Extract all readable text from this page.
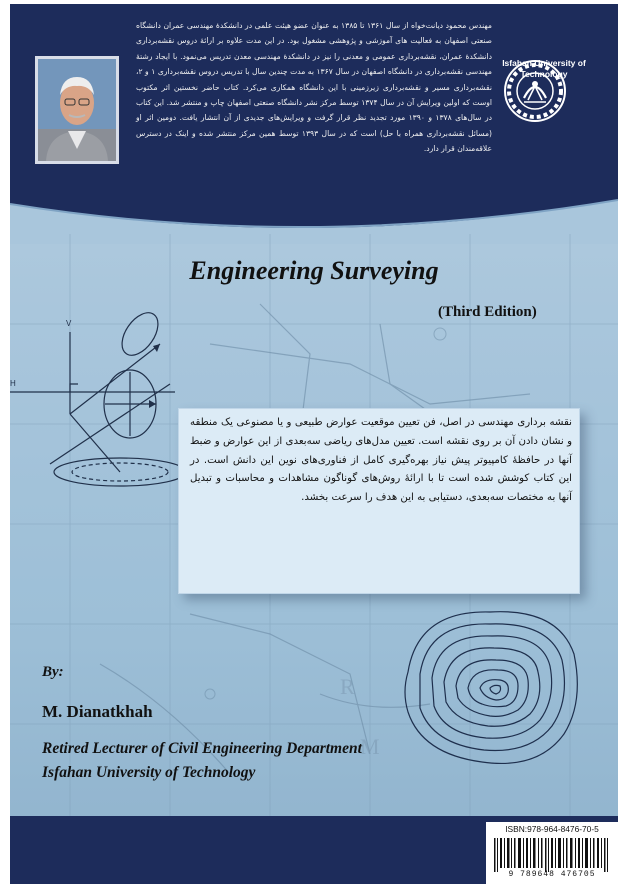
مهندس محمود دیانت‌خواه از سال ۱۳۶۱ تا ۱۳۸۵ به عنوان عضو هیئت علمی در دانشکدهٔ مهندسی عمران دانشگاه صنعتی اصفهان به فعالیت های آموزشی و پژوهشی مشغول بود. در این مدت علاوه بر ارائهٔ دروس نقشه‌برداری دانشکدهٔ عمران، نقشه‌برداری عمومی و معدنی را نیز در دانشکدهٔ مهندسی معدن تدریس می‌نمود. با ایجاد رشتهٔ مهندسی نقشه‌برداری در دانشگاه اصفهان در سال ۱۳۶۷ به مدت چندین سال با تدریس دروس نقشه‌برداری ۱ و ۲، نقشه‌برداری مسیر و نقشه‌برداری زیرزمینی با این دانشگاه همکاری می‌کرد. کتاب حاضر نخستین اثر مکتوب اوست که اولین ویرایش آن در سال ۱۳۷۴ توسط مرکز نشر دانشگاه صنعتی اصفهان چاپ و منتشر شد. این کتاب در سال‌های ۱۳۷۸ و ۱۳۹۰ مورد تجدید نظر قرار گرفت و ویرایش‌های جدیدی از آن انتشار یافت. دومین اثر او (مسائل نقشه‌برداری همراه با حل) است که در سال ۱۳۹۳ توسط همین مرکز منتشر شده و اینک در دسترس علاقه‌مندان قرار دارد.
Isfahan University of Technology
R
M
V
H
Engineering Surveying
(Third Edition)
نقشه برداری مهندسی در اصل، فن تعیین موقعیت عوارض طبیعی و یا مصنوعی یک منطقه و نشان دادن آن بر روی نقشه است. تعیین مدل‌های ریاضی سه‌بعدی از این عوارض و ضبط آنها در حافظهٔ کامپیوتر پیش نیاز بهره‌گیری کامل از فناوری‌های نوین این دانش است. در این کتاب کوشش شده است تا با ارائهٔ روش‌های گوناگون مشاهدات و محاسبات و تبدیل آنها به مختصات سه‌بعدی، دستیابی به این هدف را سرعت بخشد.
By:
M. Dianatkhah
Retired Lecturer of Civil Engineering Department
Isfahan University of Technology
ISBN:978-964-8476-70-5
9 789648 476705
